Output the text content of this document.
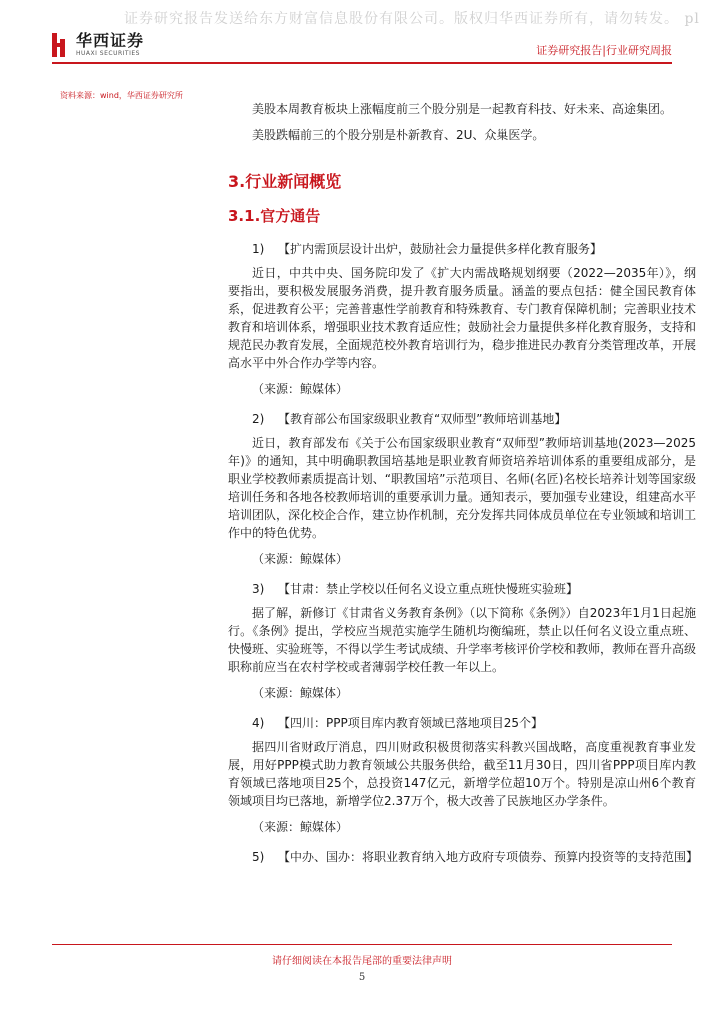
证券研究报告发送给东方财富信息股份有限公司。版权归华西证券所有，请勿转发。 pl
华西证券
HUAXI SECURITIES	证券研究报告|行业研究周报
资料来源：wind，华西证券研究所

美股本周教育板块上涨幅度前三个股分别是一起教育科技、好未来、高途集团。

美股跌幅前三的个股分别是朴新教育、2U、众巢医学。

3.行业新闻概览
3.1.官方通告
1)	【扩内需顶层设计出炉，鼓励社会力量提供多样化教育服务】

近日，中共中央、国务院印发了《扩大内需战略规划纲要（2022—2035年）》，纲要指出，要积极发展服务消费，提升教育服务质量。涵盖的要点包括：健全国民教育体系，促进教育公平；完善普惠性学前教育和特殊教育、专门教育保障机制；完善职业技术教育和培训体系，增强职业技术教育适应性；鼓励社会力量提供多样化教育服务，支持和规范民办教育发展，全面规范校外教育培训行为，稳步推进民办教育分类管理改革，开展高水平中外合作办学等内容。

（来源：鲸媒体）
2)	【教育部公布国家级职业教育“双师型”教师培训基地】

近日，教育部发布《关于公布国家级职业教育“双师型”教师培训基地(2023—2025年)》的通知，其中明确职教国培基地是职业教育师资培养培训体系的重要组成部分，是职业学校教师素质提高计划、“职教国培”示范项目、名师(名匠)名校长培养计划等国家级培训任务和各地各校教师培训的重要承训力量。通知表示，要加强专业建设，组建高水平培训团队，深化校企合作，建立协作机制，充分发挥共同体成员单位在专业领域和培训工作中的特色优势。

（来源：鲸媒体）
3)	【甘肃：禁止学校以任何名义设立重点班快慢班实验班】

据了解，新修订《甘肃省义务教育条例》（以下简称《条例》）自2023年1月1日起施行。《条例》提出，学校应当规范实施学生随机均衡编班，禁止以任何名义设立重点班、快慢班、实验班等，不得以学生考试成绩、升学率考核评价学校和教师，教师在晋升高级职称前应当在农村学校或者薄弱学校任教一年以上。

（来源：鲸媒体）
4)	【四川：PPP项目库内教育领域已落地项目25个】

据四川省财政厅消息，四川财政积极贯彻落实科教兴国战略，高度重视教育事业发展，用好PPP模式助力教育领域公共服务供给，截至11月30日，四川省PPP项目库内教育领域已落地项目25个，总投资147亿元，新增学位超10万个。特别是凉山州6个教育领域项目均已落地，新增学位2.37万个，极大改善了民族地区办学条件。

（来源：鲸媒体）
5)	【中办、国办：将职业教育纳入地方政府专项债券、预算内投资等的支持范围】
请仔细阅读在本报告尾部的重要法律声明
5
